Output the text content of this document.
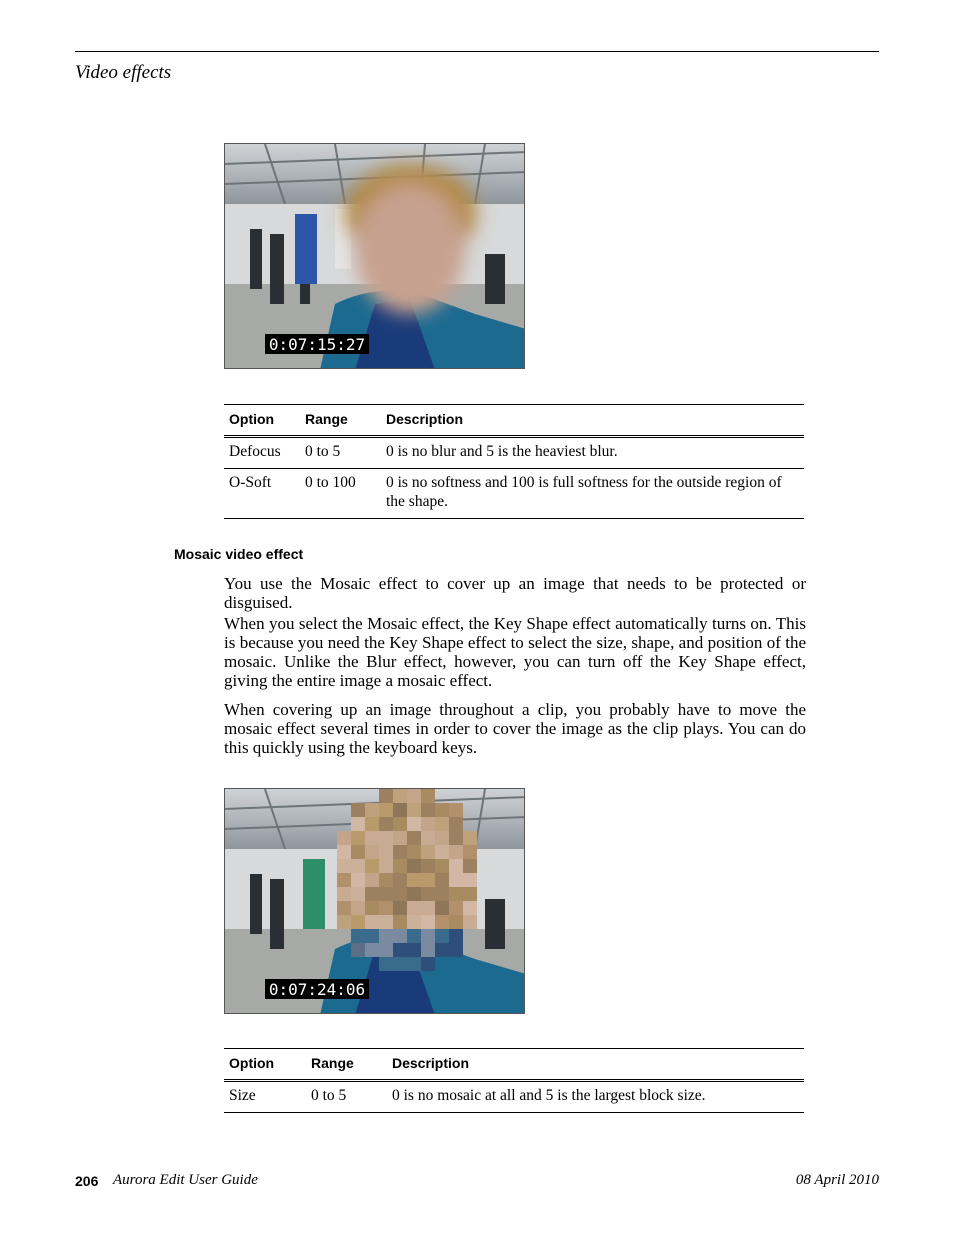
Video effects
0:07:15:27
Option	Range	Description
Defocus	0 to 5	0 is no blur and 5 is the heaviest blur.
O-Soft	0 to 100	0 is no softness and 100 is full softness for the outside region of the shape.
Mosaic video effect

You use the Mosaic effect to cover up an image that needs to be protected or disguised.

When you select the Mosaic effect, the Key Shape effect automatically turns on. This is because you need the Key Shape effect to select the size, shape, and position of the mosaic. Unlike the Blur effect, however, you can turn off the Key Shape effect, giving the entire image a mosaic effect.

When covering up an image throughout a clip, you probably have to move the mosaic effect several times in order to cover the image as the clip plays. You can do this quickly using the keyboard keys.

0:07:24:06
Option	Range	Description
Size	0 to 5	0 is no mosaic at all and 5 is the largest block size.
206 Aurora Edit User Guide	08 April 2010
